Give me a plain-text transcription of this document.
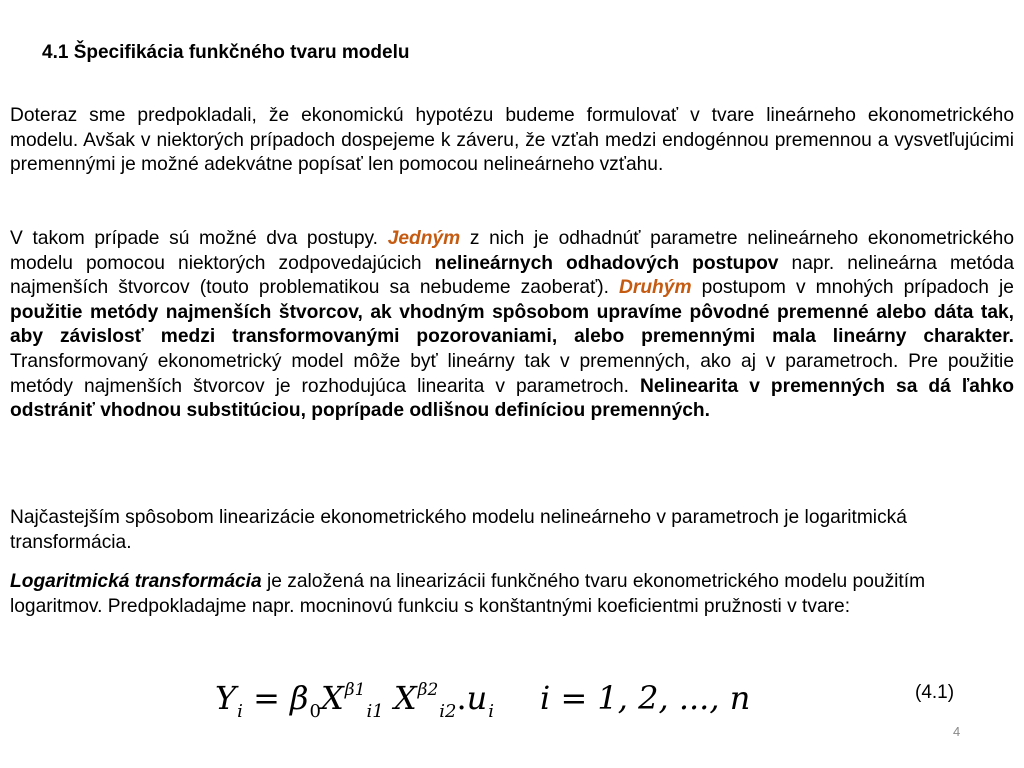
4.1 Špecifikácia funkčného tvaru modelu
Doteraz sme predpokladali, že ekonomickú hypotézu budeme formulovať v tvare lineárneho ekonometrického modelu. Avšak v niektorých prípadoch dospejeme k záveru, že vzťah medzi endogénnou premennou a vysvetľujúcimi premennými je možné adekvátne popísať len pomocou nelineárneho vzťahu.
V takom prípade sú možné dva postupy. Jedným z nich je odhadnúť parametre nelineárneho ekonometrického modelu pomocou niektorých zodpovedajúcich nelineárnych odhadových postupov napr. nelineárna metóda najmenších štvorcov (touto problematikou sa nebudeme zaoberať). Druhým postupom v mnohých prípadoch je použitie metódy najmenších štvorcov, ak vhodným spôsobom upravíme pôvodné premenné alebo dáta tak, aby závislosť medzi transformovanými pozorovaniami, alebo premennými mala lineárny charakter. Transformovaný ekonometrický model môže byť lineárny tak v premenných, ako aj v parametroch. Pre použitie metódy najmenších štvorcov je rozhodujúca linearita v parametroch. Nelinearita v premenných sa dá ľahko odstrániť vhodnou substitúciou, poprípade odlišnou definíciou premenných.
Najčastejším spôsobom linearizácie ekonometrického modelu nelineárneho v parametroch je logaritmická transformácia.
Logaritmická transformácia je založená na linearizácii funkčného tvaru ekonometrického modelu použitím logaritmov. Predpokladajme napr. mocninovú funkciu s konštantnými koeficientmi pružnosti v tvare:
$Y_i = \beta_0X^{\beta 1}_{i1}$ $X^{\beta 2}_{i2}.u_i$ i = 1, 2, ..., n	(4.1)
4
